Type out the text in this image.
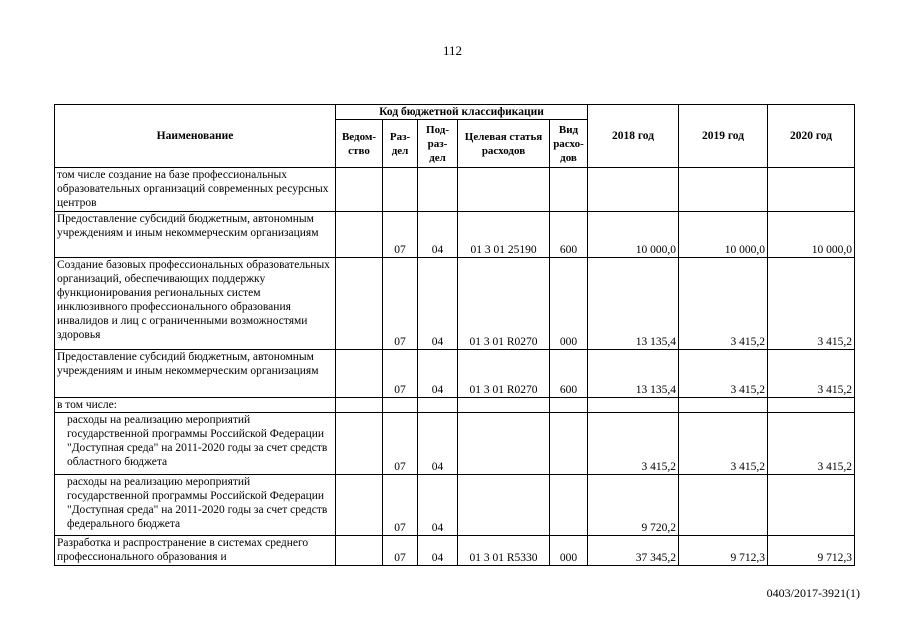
112
Наименование	Код бюджетной классификации					2018 год	2019 год	2020 год
	Ведом-ство	Раз-дел	Под-раз-дел	Целевая статья расходов	Вид расхо-дов			
том числе создание на базе профессиональных образовательных организаций современных ресурсных центров								
Предоставление субсидий бюджетным, автономным учреждениям и иным некоммерческим организациям		07	04	01 3 01 25190	600	10 000,0	10 000,0	10 000,0
Создание базовых профессиональных образовательных организаций, обеспечивающих поддержку функционирования региональных систем инклюзивного профессионального образования инвалидов и лиц с ограниченными возможностями здоровья		07	04	01 3 01 R0270	000	13 135,4	3 415,2	3 415,2
Предоставление субсидий бюджетным, автономным учреждениям и иным некоммерческим организациям		07	04	01 3 01 R0270	600	13 135,4	3 415,2	3 415,2
в том числе:								
расходы на реализацию мероприятий государственной программы Российской Федерации "Доступная среда" на 2011-2020 годы за счет средств областного бюджета		07	04			3 415,2	3 415,2	3 415,2
расходы на реализацию мероприятий государственной программы Российской Федерации "Доступная среда" на 2011-2020 годы за счет средств федерального бюджета		07	04			9 720,2		
Разработка и распространение в системах среднего профессионального образования и		07	04	01 3 01 R5330	000	37 345,2	9 712,3	9 712,3
0403/2017-3921(1)
